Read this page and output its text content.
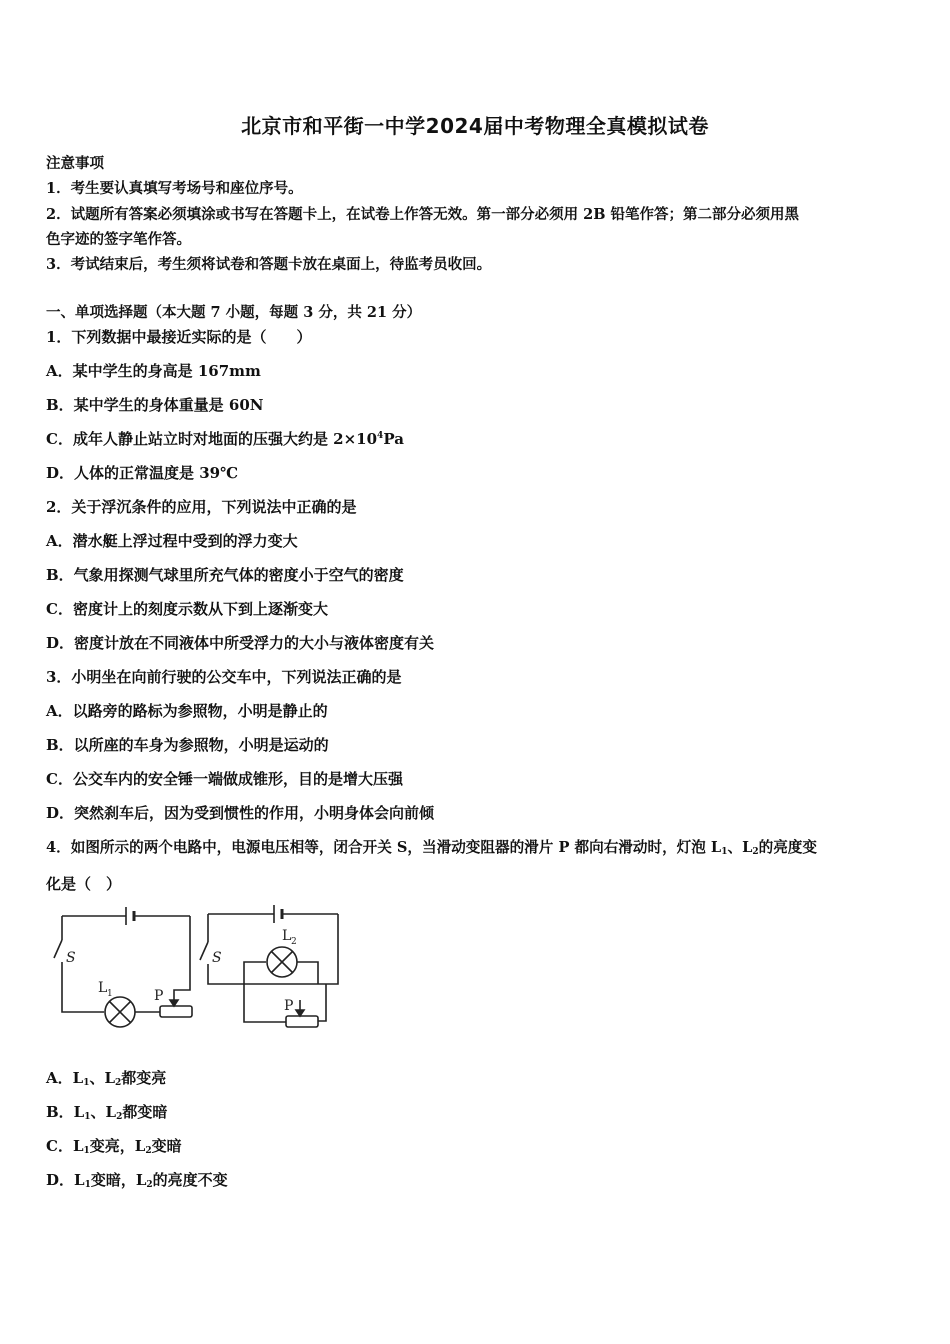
北京市和平街一中学2024届中考物理全真模拟试卷
注意事项
1．考生要认真填写考场号和座位序号。
2．试题所有答案必须填涂或书写在答题卡上，在试卷上作答无效。第一部分必须用 2B 铅笔作答；第二部分必须用黑
色字迹的签字笔作答。
3．考试结束后，考生须将试卷和答题卡放在桌面上，待监考员收回。
一、单项选择题（本大题 7 小题，每题 3 分，共 21 分）
1．下列数据中最接近实际的是（　　）
A．某中学生的身高是 167mm
B．某中学生的身体重量是 60N
C．成年人静止站立时对地面的压强大约是 $2\times 10^4Pa$
D．人体的正常温度是 39℃
2．关于浮沉条件的应用，下列说法中正确的是
A．潜水艇上浮过程中受到的浮力变大
B．气象用探测气球里所充气体的密度小于空气的密度
C．密度计上的刻度示数从下到上逐渐变大
D．密度计放在不同液体中所受浮力的大小与液体密度有关
3．小明坐在向前行驶的公交车中，下列说法正确的是
A．以路旁的路标为参照物，小明是静止的
B．以所座的车身为参照物，小明是运动的
C．公交车内的安全锤一端做成锥形，目的是增大压强
D．突然刹车后，因为受到惯性的作用，小明身体会向前倾
4．如图所示的两个电路中，电源电压相等，闭合开关 S，当滑动变阻器的滑片 P 都向右滑动时，灯泡 $L_1$、$L_2$的亮度变
化是（　）
S	S
L 1	P
L 2
P
A．$L_1$、$L_2$都变亮
B．$L_1$、$L_2$都变暗
C．$L_1$变亮，$L_2$变暗
D．$L_1$变暗，$L_2$的亮度不变
